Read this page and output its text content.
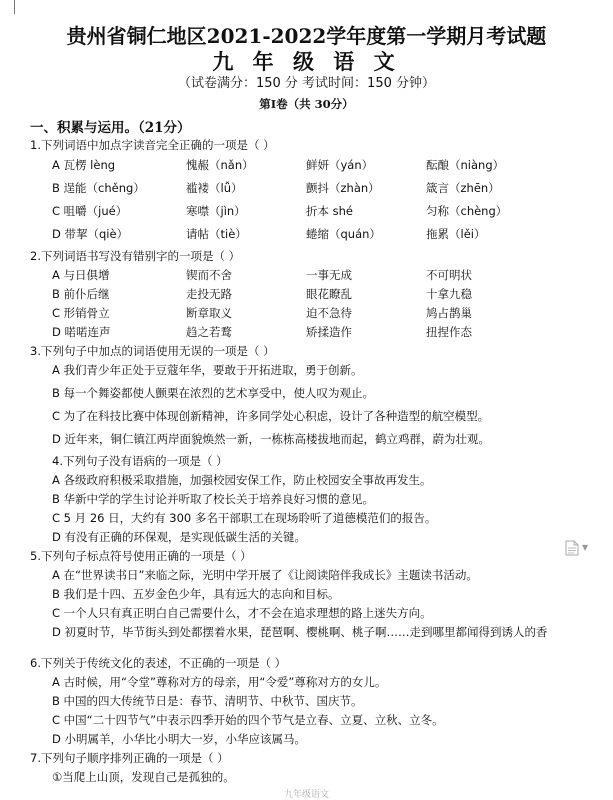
贵州省铜仁地区2021-2022学年度第一学期月考试题
九 年 级 语 文
（试卷满分：150 分 考试时间：150 分钟）
第Ⅰ卷（共 30分）
一、积累与运用。（21分）
1.下列词语中加点字读音完全正确的一项是（ ）
A 瓦楞 lèng	愧赧（nǎn）	鲜妍（yán）	酝酿（niàng）
B 逞能（chěng）	褴褛（lǚ）	颤抖（zhàn）	箴言（zhēn）
C 咀嚼（jué）	寒噤（jìn）	折本 shé	匀称（chèng）
D 带挈（qiè）	请帖（tiè）	蜷缩（quán）	拖累（lěi）
2.下列词语书写没有错别字的一项是（ ）
A 与日俱增	锲而不舍	一事无成	不可明状
B 前仆后继	走投无路	眼花瞭乱	十拿九稳
C 形销骨立	断章取义	迫不急待	鸠占鹊巢
D 喏喏连声	趋之若鹜	矫揉造作	扭捏作态
3.下列句子中加点的词语使用无误的一项是（ ）
A 我们青少年正处于豆蔻年华，要敢于开拓进取，勇于创新。
B 每一个舞姿都使人颤栗在浓烈的艺术享受中，使人叹为观止。
C 为了在科技比赛中体现创新精神，许多同学处心积虑，设计了各种造型的航空模型。
D 近年来，铜仁镇江两岸面貌焕然一新，一栋栋高楼拔地而起，鹤立鸡群，蔚为壮观。
4.下列句子没有语病的一项是（ ）
A 各级政府积极采取措施，加强校园安保工作，防止校园安全事故再发生。
B 华新中学的学生讨论并听取了校长关于培养良好习惯的意见。
C 5 月 26 日，大约有 300 多名干部职工在现场聆听了道德模范们的报告。
D 有没有正确的环保观，是实现低碳生活的关键。
5.下列句子标点符号使用正确的一项是（ ）
A 在“世界读书日”来临之际，光明中学开展了《让阅读陪伴我成长》主题读书活动。
B 我们是十四、五岁金色少年，具有远大的志向和目标。
C 一个人只有真正明白自己需要什么，才不会在追求理想的路上迷失方向。
D 初夏时节，毕节街头到处都摆着水果，琵琶啊、樱桃啊、桃子啊……走到哪里都闻得到诱人的香
6.下列关于传统文化的表述，不正确的一项是（ ）
A 古时候，用“令堂”尊称对方的母亲，用“令爱”尊称对方的女儿。
B 中国的四大传统节日是：春节、清明节、中秋节、国庆节。
C 中国“二十四节气”中表示四季开始的四个节气是立春、立夏、立秋、立冬。
D 小明属羊，小华比小明大一岁，小华应该属马。
7.下列句子顺序排列正确的一项是（ ）
①当爬上山顶，发现自己是孤独的。
▼
九年级语文
